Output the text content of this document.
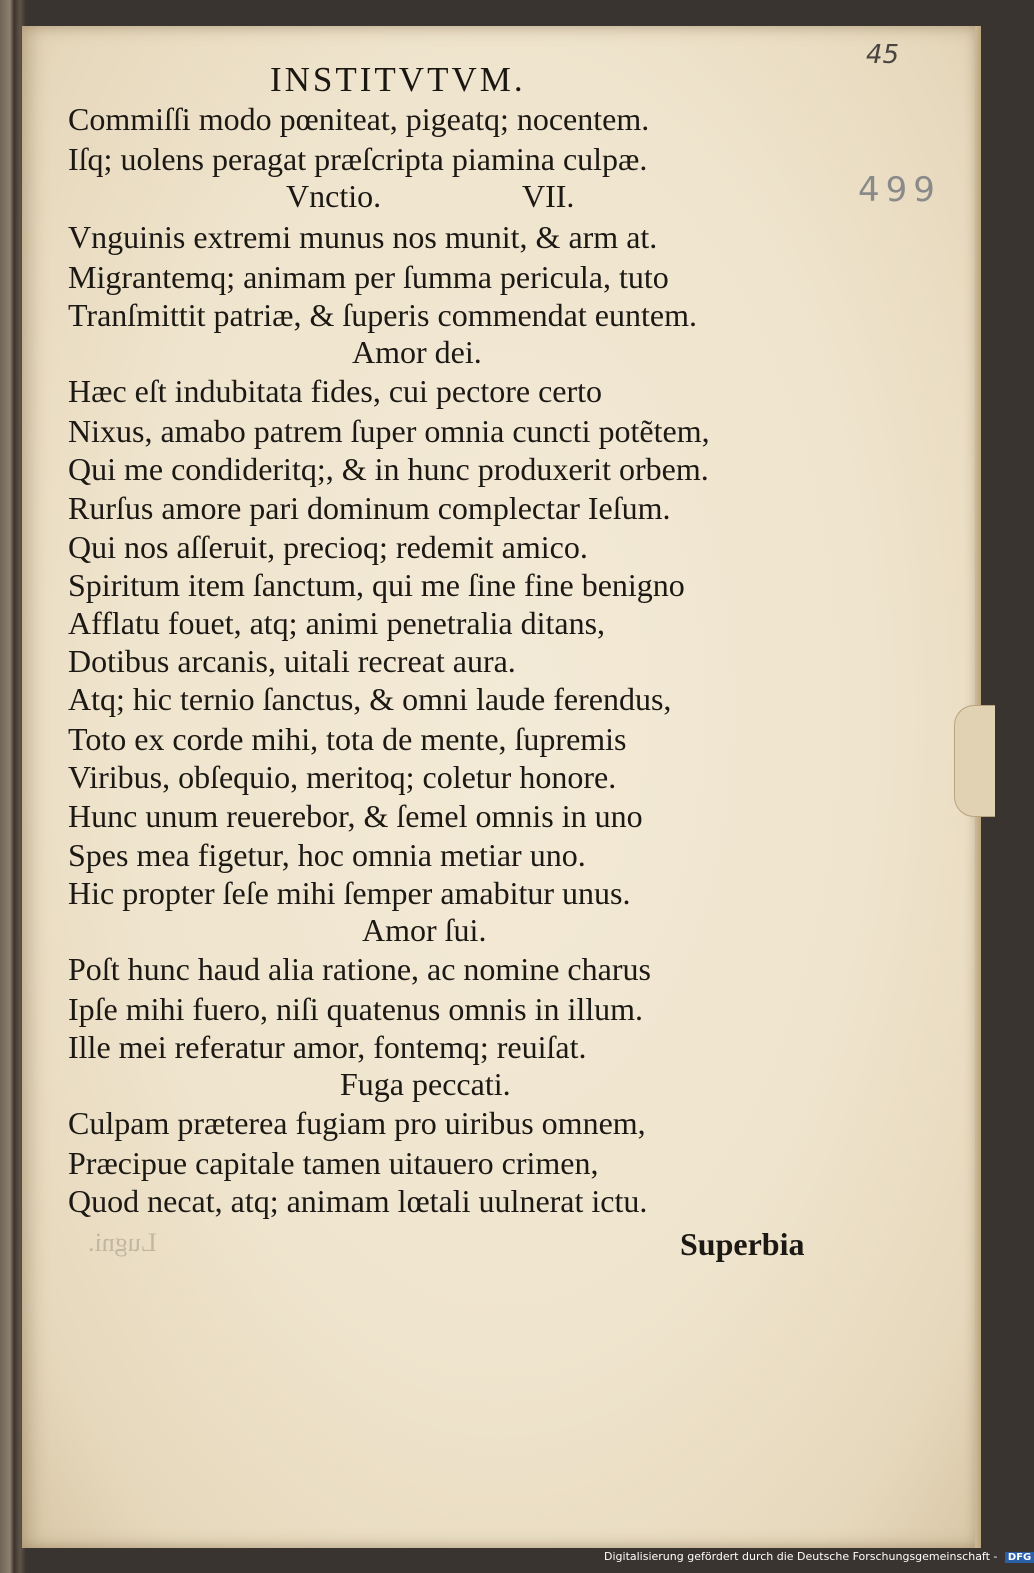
45
499
INSTITVTVM.
Commiſſi modo pœniteat, pigeatq; nocentem.
Iſq; uolens peragat præſcripta piamina culpæ.
Vnctio.	VII.
Vnguinis extremi munus nos munit, & arm at.
Migrantemq; animam per ſumma pericula, tuto
Tranſmittit patriæ, & ſuperis commendat euntem.
Amor dei.
Hæc eſt indubitata fides, cui pectore certo
Nixus, amabo patrem ſuper omnia cuncti potẽtem,
Qui me condideritq;, & in hunc produxerit orbem.
Rurſus amore pari dominum complectar Ieſum.
Qui nos aſſeruit, precioq; redemit amico.
Spiritum item ſanctum, qui me ſine fine benigno
Afflatu fouet, atq; animi penetralia ditans,
Dotibus arcanis, uitali recreat aura.
Atq; hic ternio ſanctus, & omni laude ferendus,
Toto ex corde mihi, tota de mente, ſupremis
Viribus, obſequio, meritoq; coletur honore.
Hunc unum reuerebor, & ſemel omnis in uno
Spes mea figetur, hoc omnia metiar uno.
Hic propter ſeſe mihi ſemper amabitur unus.
Amor ſui.
Poſt hunc haud alia ratione, ac nomine charus
Ipſe mihi fuero, niſi quatenus omnis in illum.
Ille mei referatur amor, fontemq; reuiſat.
Fuga peccati.
Culpam præterea fugiam pro uiribus omnem,
Præcipue capitale tamen uitauero crimen,
Quod necat, atq; animam lœtali uulnerat ictu.
Lugni.	Superbia
Digitalisierung gefördert durch die Deutsche Forschungsgemeinschaft - DFG
